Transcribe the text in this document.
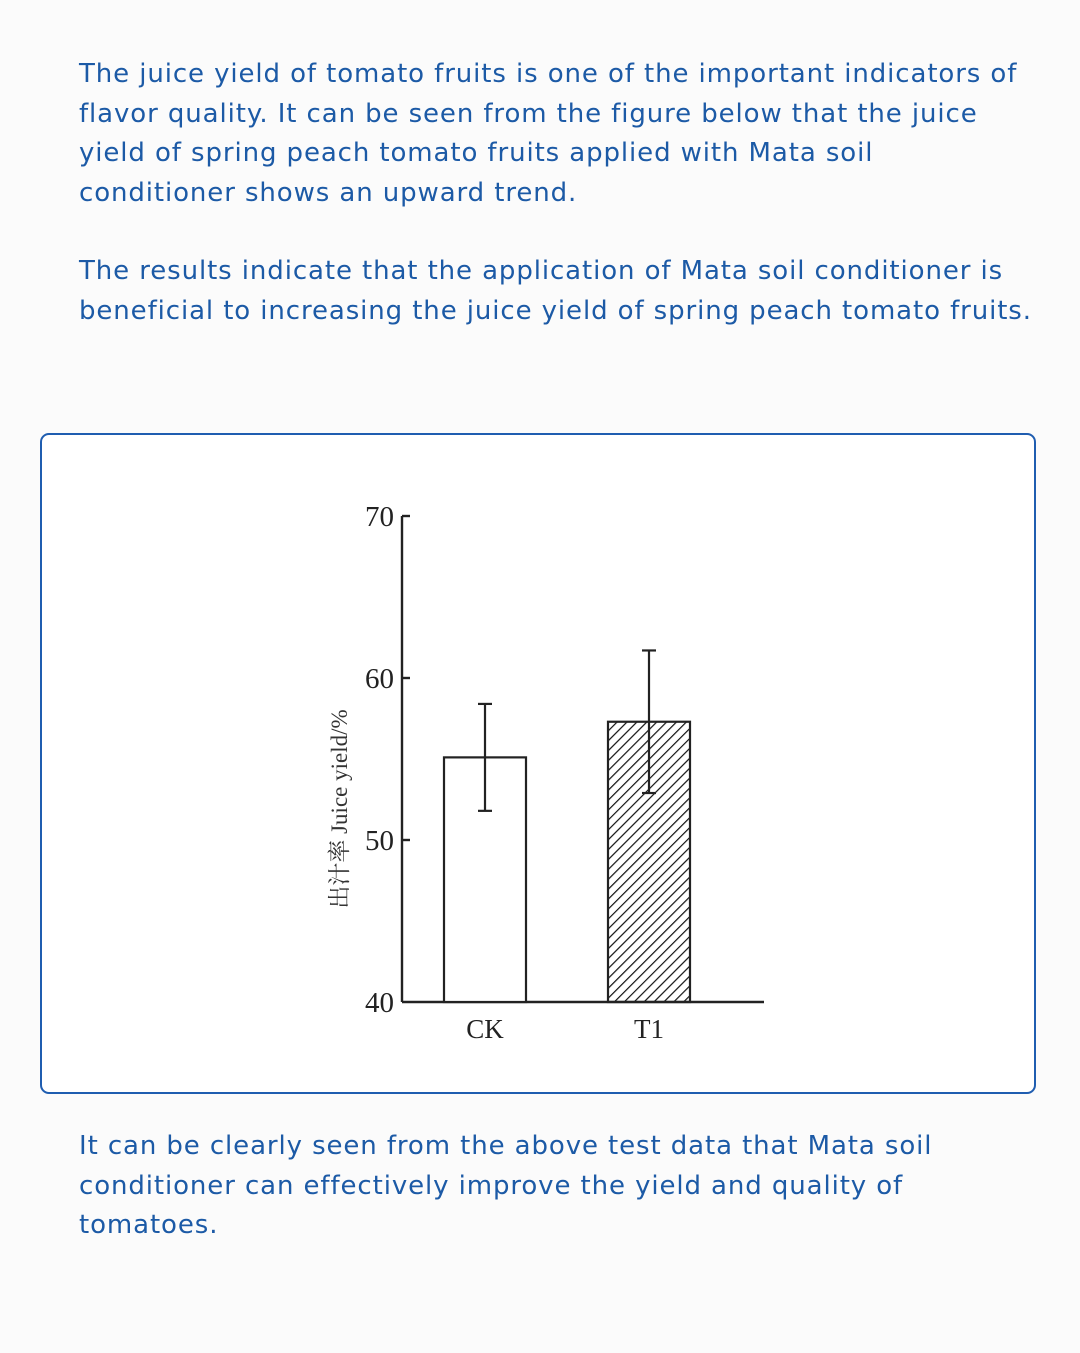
The juice yield of tomato fruits is one of the important indicators of flavor quality. It can be seen from the figure below that the juice yield of spring peach tomato fruits applied with Mata soil conditioner shows an upward trend.

The results indicate that the application of Mata soil conditioner is beneficial to increasing the juice yield of spring peach tomato fruits.

40
50
60
70
CK	T1
出汁率 Juice yield/%

It can be clearly seen from the above test data that Mata soil conditioner can effectively improve the yield and quality of tomatoes.
